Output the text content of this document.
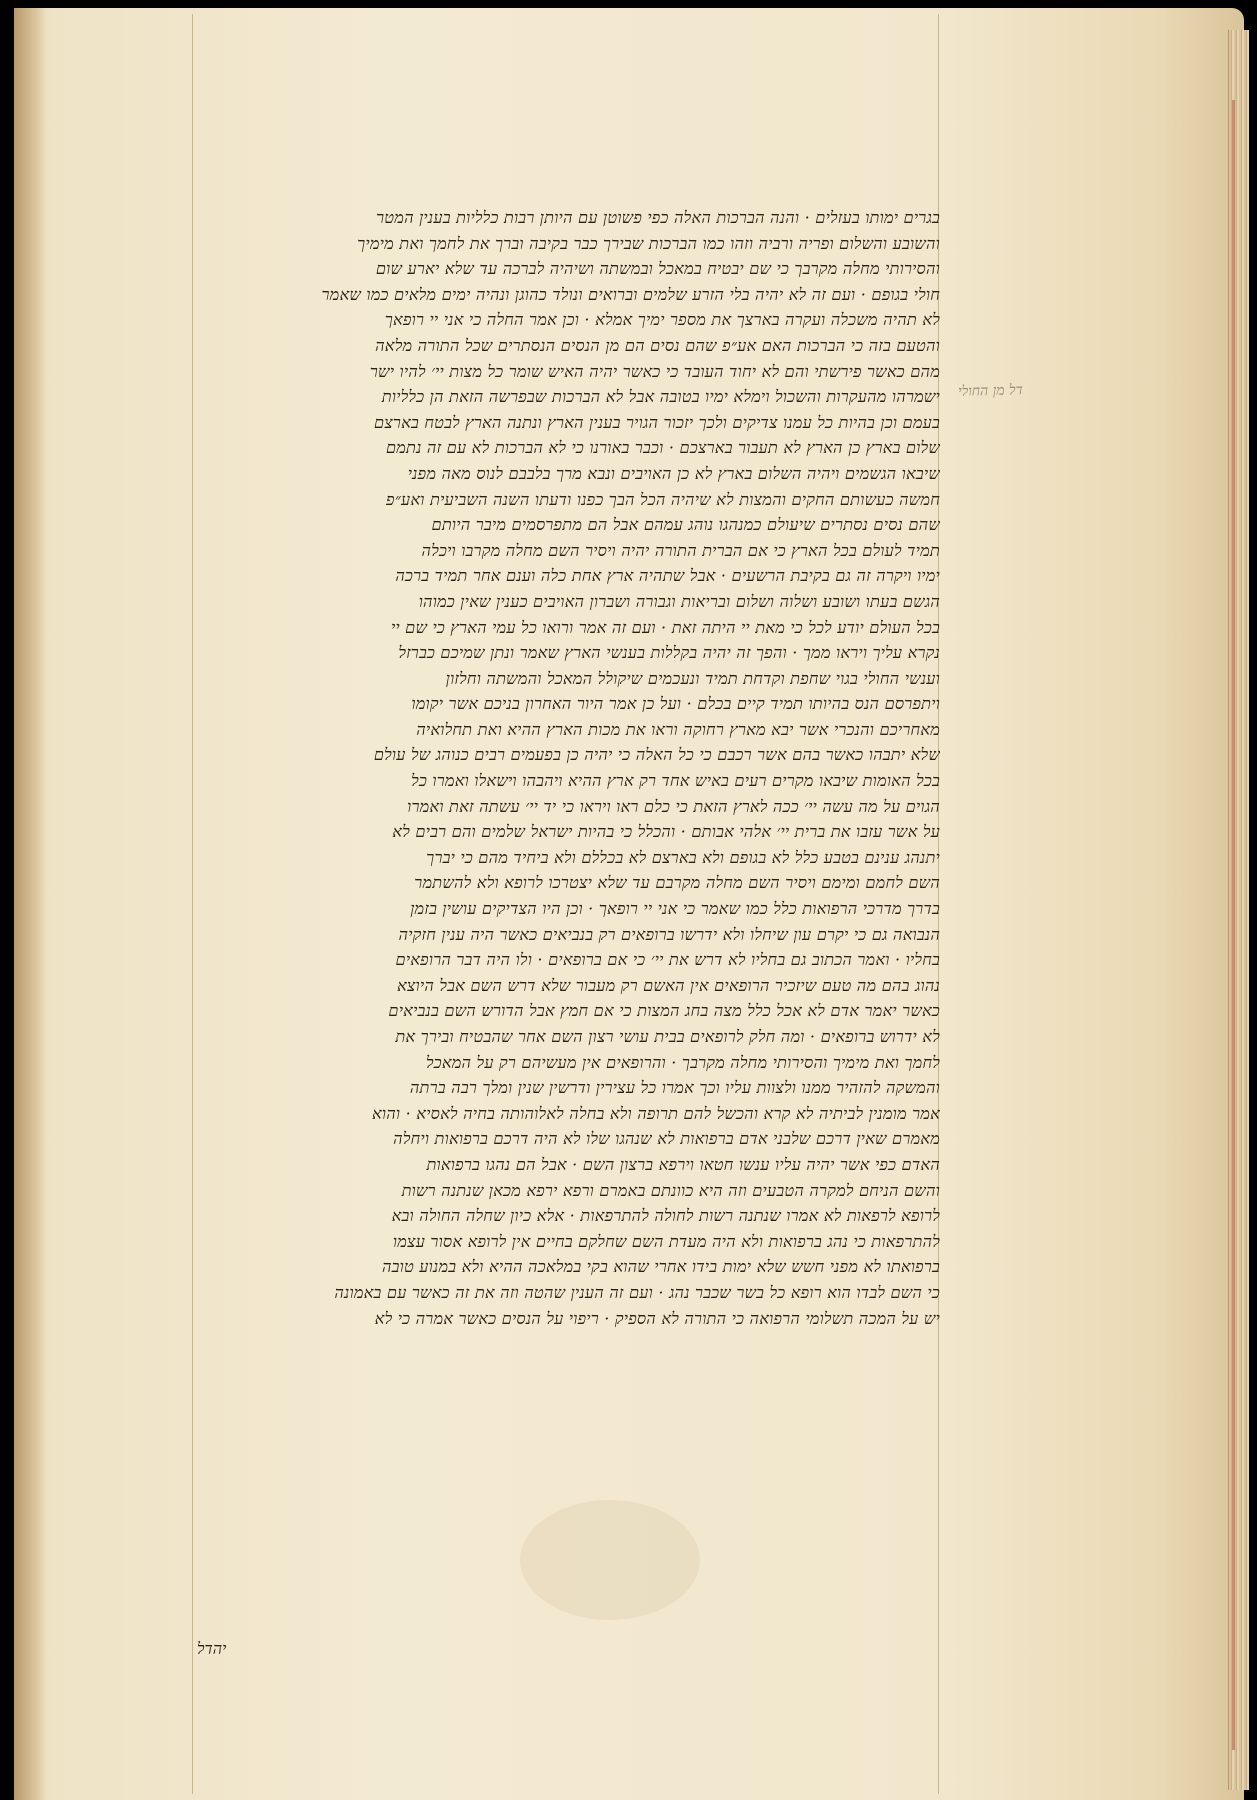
בגרים ימותו בעזלים · והנה הברכות האלה כפי פשוטן עם היותן רבות כלליות בענין המטר
והשובע והשלום ופריה ורביה וזהו כמו הברכות שבירך כבר בקיבה וברך את לחמך ואת מימיך
והסירותי מחלה מקרבך כי שם יבטיח במאכל ובמשתה ושיהיה לברכה עד שלא יארע שום
חולי בגופם · ועם זה לא יהיה בלי הזרע שלמים וברואים ונולד כהוגן ונהיה ימים מלאים כמו שאמר
לא תהיה משכלה ועקרה בארצך את מספר ימיך אמלא · וכן אמר החלה כי אני יי רופאך
והטעם בזה כי הברכות האם אע״פ שהם נסים הם מן הנסים הנסתרים שכל התורה מלאה
מהם כאשר פירשתי והם לא יחוד העובד כי כאשר יהיה האיש שומר כל מצות יי׳ להיו ישר
ישמרהו מהעקרות והשכול וימלא ימיו בטובה אבל לא הברכות שבפרשה הזאת הן כלליות
בעמם וכן בהיות כל עמנו צדיקים ולכך יזכור הגויר בענין הארץ ונתנה הארץ לבטח בארצם
שלום בארץ כן הארץ לא תעבור בארצכם · וכבר באורנו כי לא הברכות לא עם זה נתמם
שיבאו הגשמים ויהיה השלום בארץ לא כן האויבים ונבא מרך בלבבם לנוס מאה מפני
חמשה כעשותם החקים והמצות לא שיהיה הכל הבך כפנו ודעתו השנה השביעית ואע״פ
שהם נסים נסתרים שיעולם כמנהגו נוהג עמהם אבל הם מתפרסמים מיבר היותם
תמיד לעולם בכל הארץ כי אם הברית התורה יהיה ויסיר השם מחלה מקרבו ויכלה
ימיו ויקרה זה גם בקיבת הרשעים · אבל שתהיה ארץ אחת כלה וענם אחר תמיד ברכה
הגשם בעתו ושובע ושלוה ושלום ובריאות וגבורה ושברון האויבים כענין שאין כמוהו
בכל העולם יודע לכל כי מאת יי היתה זאת · ועם זה אמר ורואו כל עמי הארץ כי שם יי
נקרא עליך ויראו ממך · והפך זה יהיה בקללות בענשי הארץ שאמר ונתן שמיכם כברזל
וענשי החולי בגוי שחפת וקדחת תמיד ונעכמים שיקולל המאכל והמשתה וחלזון
ויתפרסם הנס בהיותו תמיד קיים בכלם · ועל כן אמר היור האחרון בניכם אשר יקומו
מאחריכם והנכרי אשר יבא מארץ רחוקה וראו את מכות הארץ ההיא ואת תחלואיה
שלא יתבהו כאשר בהם אשר רכבם כי כל האלה כי יהיה כן בפעמים רבים כנוהג של עולם
בכל האומות שיבאו מקרים רעים באיש אחד רק ארץ ההיא ויהבהו וישאלו ואמרו כל
הגוים על מה עשה יי׳ ככה לארץ הזאת כי כלם ראו ויראו כי יד יי׳ עשתה זאת ואמרו
על אשר עזבו את ברית יי׳ אלהי אבותם · והכלל כי בהיות ישראל שלמים והם רבים לא
יתנהג ענינם בטבע כלל לא בגופם ולא בארצם לא בכללם ולא ביחיד מהם כי יברך
השם לחמם ומימם ויסיר השם מחלה מקרבם עד שלא יצטרכו לרופא ולא להשתמר
בדרך מדרכי הרפואות כלל כמו שאמר כי אני יי רופאך · וכן היו הצדיקים עושין בזמן
הנבואה גם כי יקרם עון שיחלו ולא ידרשו ברופאים רק בנביאים כאשר היה ענין חזקיה
בחליו · ואמר הכתוב גם בחליו לא דרש את יי׳ כי אם ברופאים · ולו היה דבר הרופאים
נהוג בהם מה טעם שיזכיר הרופאים אין האשם רק מעבור שלא דרש השם אבל היוצא
כאשר יאמר אדם לא אכל כלל מצה בחג המצות כי אם חמץ אבל הדורש השם בנביאים
לא ידרוש ברופאים · ומה חלק לרופאים בבית עושי רצון השם אחר שהבטיח ובירך את
לחמך ואת מימיך והסירותי מחלה מקרבך · והרופאים אין מעשיהם רק על המאכל
והמשקה להזהיר ממנו ולצוות עליו וכך אמרו כל עצירין ודרשין שנין ומלך רבה ברתה
אמר מומנין לביתיה לא קרא והכשל להם תרופה ולא בחלה לאלוהותה בחיה לאסיא · והוא
מאמרם שאין דרכם שלבני אדם ברפואות לא שנהגו שלו לא היה דרכם ברפואות ויחלה
האדם כפי אשר יהיה עליו ענשו חטאו וירפא ברצון השם · אבל הם נהגו ברפואות
והשם הניחם למקרה הטבעים וזה היא כוונתם באמרם ורפא ירפא מכאן שנתנה רשות
לרופא לרפאות לא אמרו שנתנה רשות לחולה להתרפאות · אלא כיון שחלה החולה ובא
להתרפאות כי נהג ברפואות ולא היה מעדת השם שחלקם בחיים אין לרופא אסור עצמו
ברפואתו לא מפני חשש שלא ימות בידו אחרי שהוא בקי במלאכה ההיא ולא במנוע טובה
כי השם לבדו הוא רופא כל בשר שכבר נהג · ועם זה הענין שהטה וזה את זה כאשר עם באמונה
יש על המכה תשלומי הרפואה כי התורה לא הספיק · ריפוי על הנסים כאשר אמרה כי לא
דל מן החולי
יהדל
